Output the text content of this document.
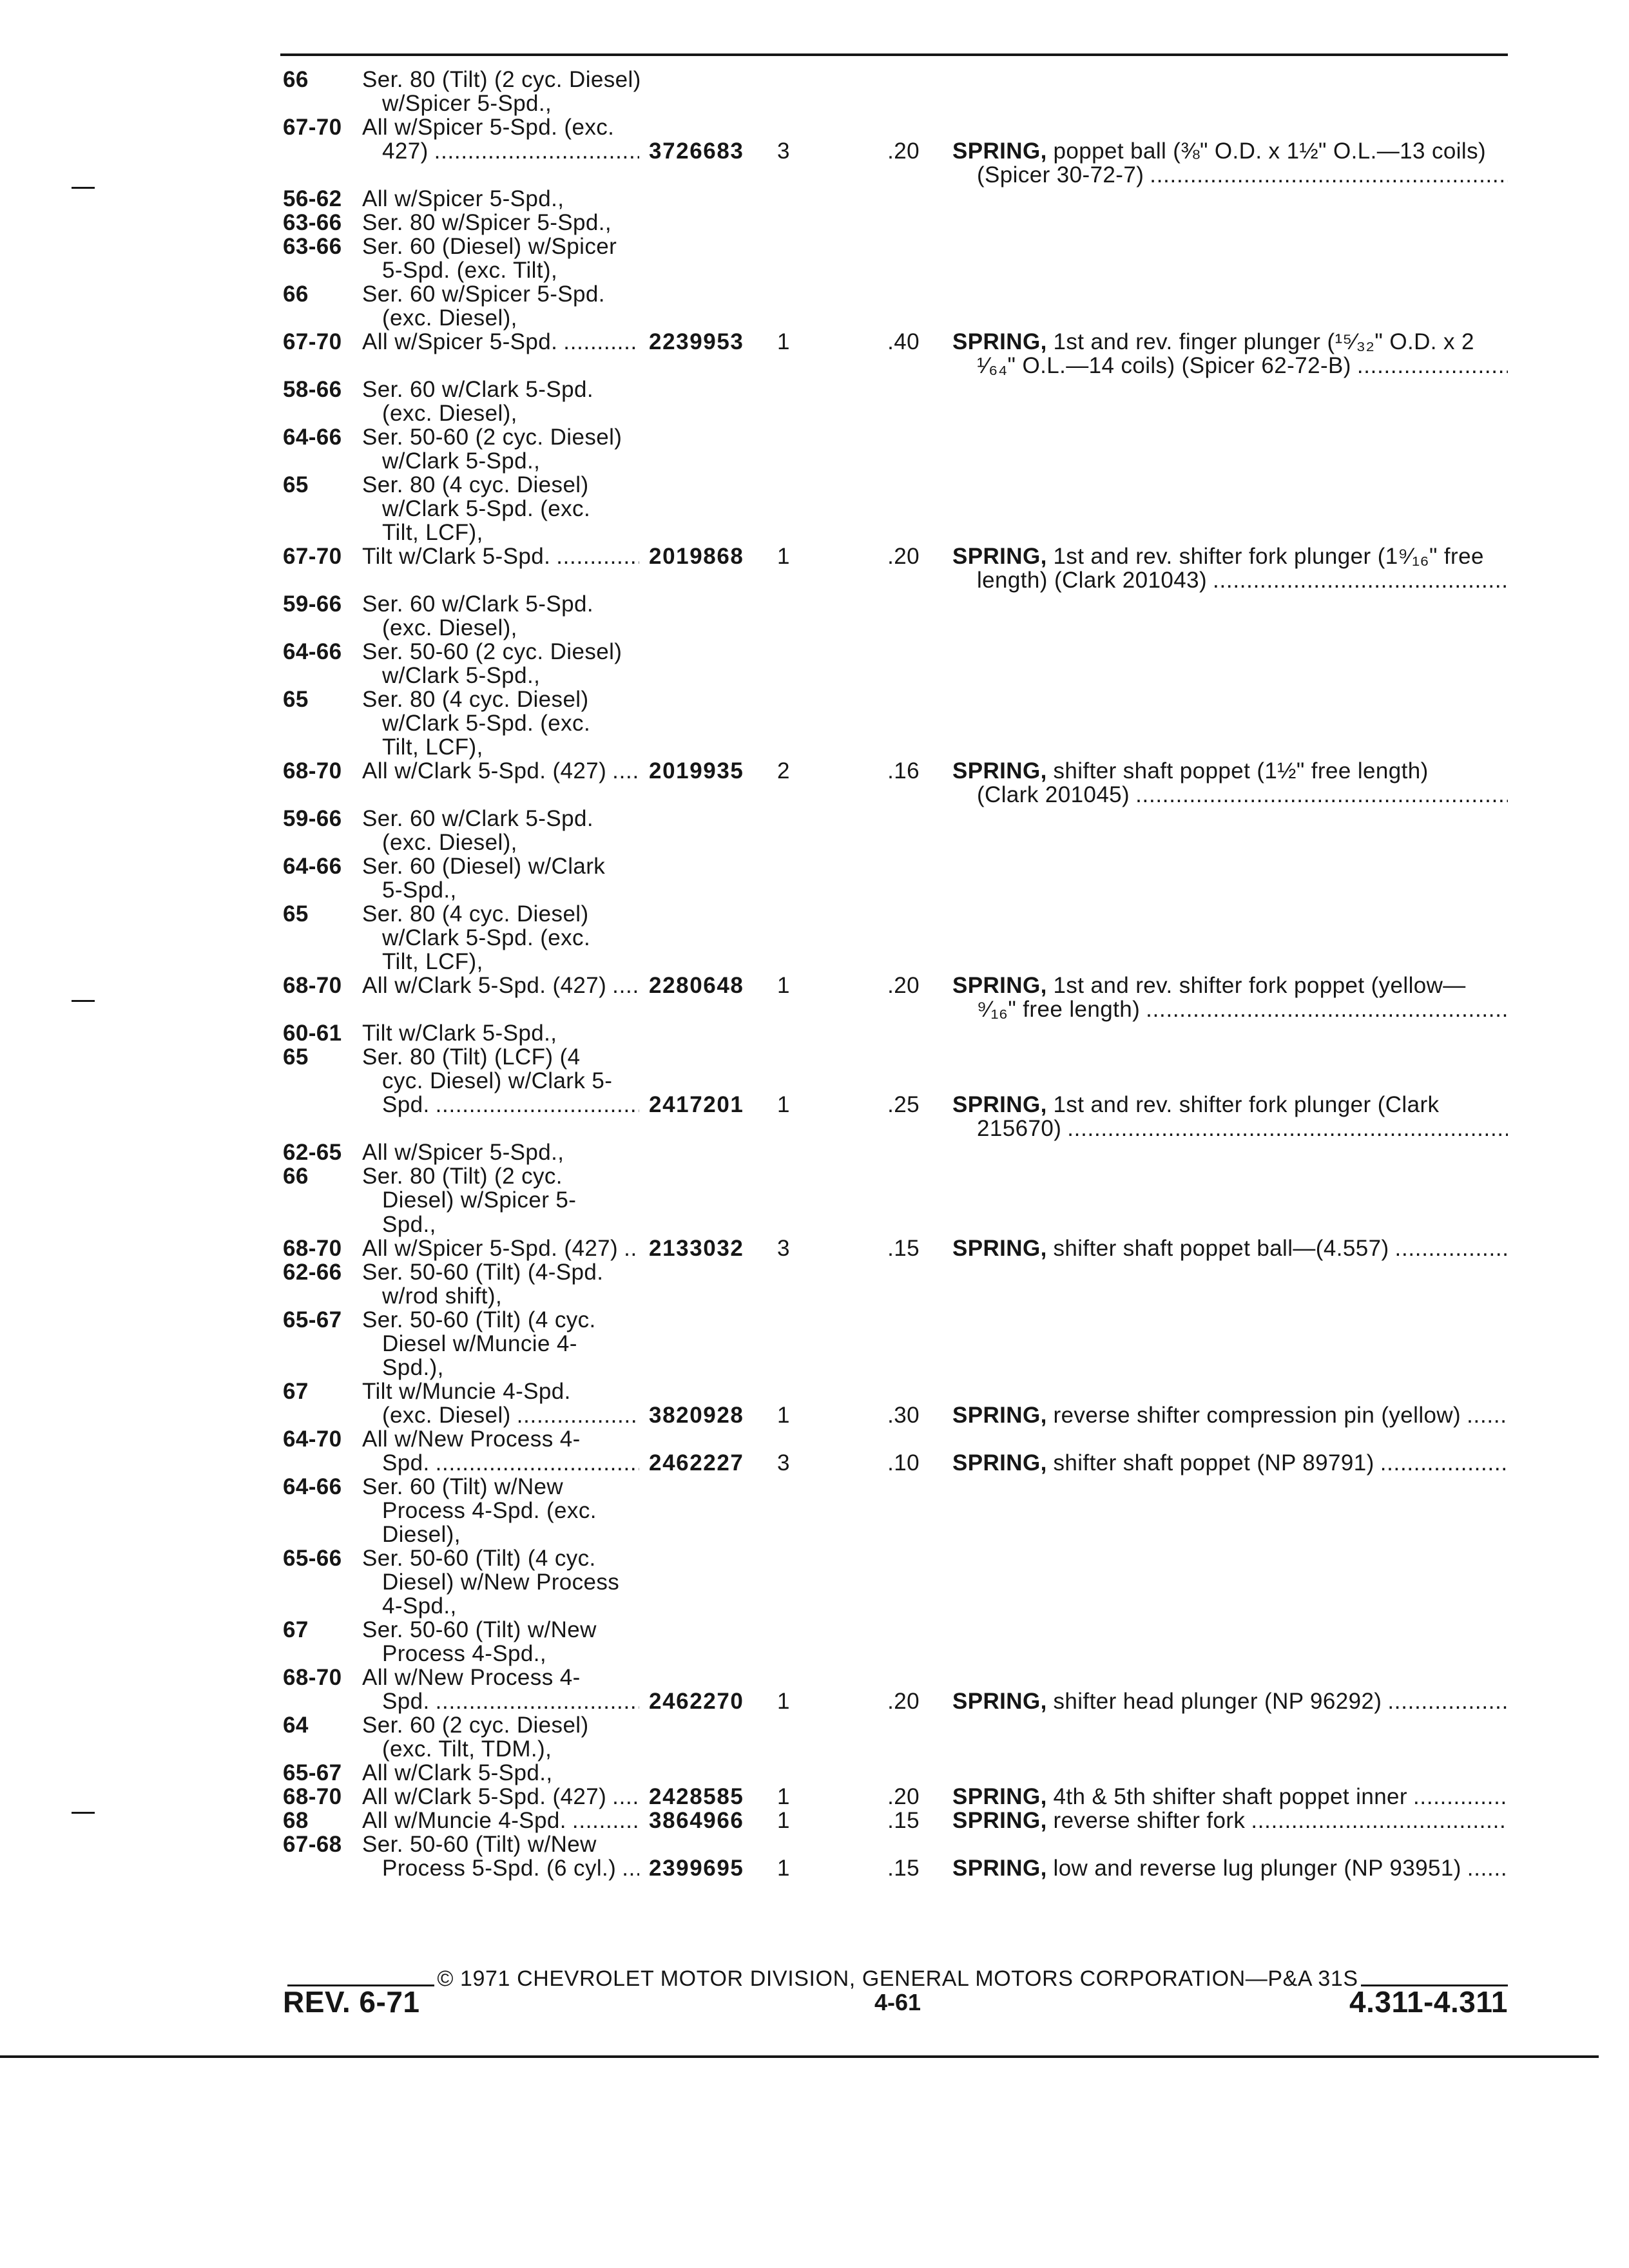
66 Ser. 80 (Tilt) (2 cyc. Diesel)
w/Spicer 5-Spd.,
67-70 All w/Spicer 5-Spd. (exc.
427) .....	3726683 3	.20 SPRING, poppet ball (⅜" O.D. x 1½" O.L.—13 coils)
(Spicer 30-72-7)
.....
56-62 All w/Spicer 5-Spd.,
63-66 Ser. 80 w/Spicer 5-Spd.,
63-66 Ser. 60 (Diesel) w/Spicer
5-Spd. (exc. Tilt),
66 Ser. 60 w/Spicer 5-Spd.
(exc. Diesel),
67-70 All w/Spicer 5-Spd. .....	2239953 1	.40 SPRING, 1st and rev. finger plunger (¹⁵⁄₃₂" O.D. x 2
¹⁄₆₄" O.L.—14 coils) (Spicer 62-72-B)
.....
58-66 Ser. 60 w/Clark 5-Spd.
(exc. Diesel),
64-66 Ser. 50-60 (2 cyc. Diesel)
w/Clark 5-Spd.,
65 Ser. 80 (4 cyc. Diesel)
w/Clark 5-Spd. (exc.
Tilt, LCF),
67-70 Tilt w/Clark 5-Spd. .....	2019868 1	.20 SPRING, 1st and rev. shifter fork plunger (1⁹⁄₁₆" free
length) (Clark 201043)
.....
59-66 Ser. 60 w/Clark 5-Spd.
(exc. Diesel),
64-66 Ser. 50-60 (2 cyc. Diesel)
w/Clark 5-Spd.,
65 Ser. 80 (4 cyc. Diesel)
w/Clark 5-Spd. (exc.
Tilt, LCF),
68-70 All w/Clark 5-Spd. (427) ..... 2019935 2	.16 SPRING, shifter shaft poppet (1½" free length)
(Clark 201045)
.....
59-66 Ser. 60 w/Clark 5-Spd.
(exc. Diesel),
64-66 Ser. 60 (Diesel) w/Clark
5-Spd.,
65 Ser. 80 (4 cyc. Diesel)
w/Clark 5-Spd. (exc.
Tilt, LCF),
68-70 All w/Clark 5-Spd. (427) ..... 2280648 1	.20 SPRING, 1st and rev. shifter fork poppet (yellow—
⁹⁄₁₆" free length)
.....
60-61 Tilt w/Clark 5-Spd.,
65 Ser. 80 (Tilt) (LCF) (4
cyc. Diesel) w/Clark 5-
Spd. .....	2417201 1	.25 SPRING, 1st and rev. shifter fork plunger (Clark
215670)
.....
62-65 All w/Spicer 5-Spd.,
66 Ser. 80 (Tilt) (2 cyc.
Diesel) w/Spicer 5-
Spd.,
68-70 All w/Spicer 5-Spd. (427) ..... 2133032 3	.15 SPRING, shifter shaft poppet ball—(4.557)
.....
62-66 Ser. 50-60 (Tilt) (4-Spd.
w/rod shift),
65-67 Ser. 50-60 (Tilt) (4 cyc.
Diesel w/Muncie 4-
Spd.),
67 Tilt w/Muncie 4-Spd.
(exc. Diesel) .....	3820928 1	.30 SPRING, reverse shifter compression pin (yellow)
.....
64-70 All w/New Process 4-
Spd. .....	2462227 3	.10 SPRING, shifter shaft poppet (NP 89791)
.....
64-66 Ser. 60 (Tilt) w/New
Process 4-Spd. (exc.
Diesel),
65-66 Ser. 50-60 (Tilt) (4 cyc.
Diesel) w/New Process
4-Spd.,
67 Ser. 50-60 (Tilt) w/New
Process 4-Spd.,
68-70 All w/New Process 4-
Spd. .....	2462270 1	.20 SPRING, shifter head plunger (NP 96292)
.....
64 Ser. 60 (2 cyc. Diesel)
(exc. Tilt, TDM.),
65-67 All w/Clark 5-Spd.,
68-70 All w/Clark 5-Spd. (427) ..... 2428585 1	.20 SPRING, 4th & 5th shifter shaft poppet inner
.....
68 All w/Muncie 4-Spd. .....	3864966 1	.15 SPRING, reverse shifter fork
.....
67-68 Ser. 50-60 (Tilt) w/New
Process 5-Spd. (6 cyl.) ..... 2399695 1	.15 SPRING, low and reverse lug plunger (NP 93951)
.....
© 1971 CHEVROLET MOTOR DIVISION, GENERAL MOTORS CORPORATION—P&A 31S
REV. 6-71	4-61	4.311-4.311
